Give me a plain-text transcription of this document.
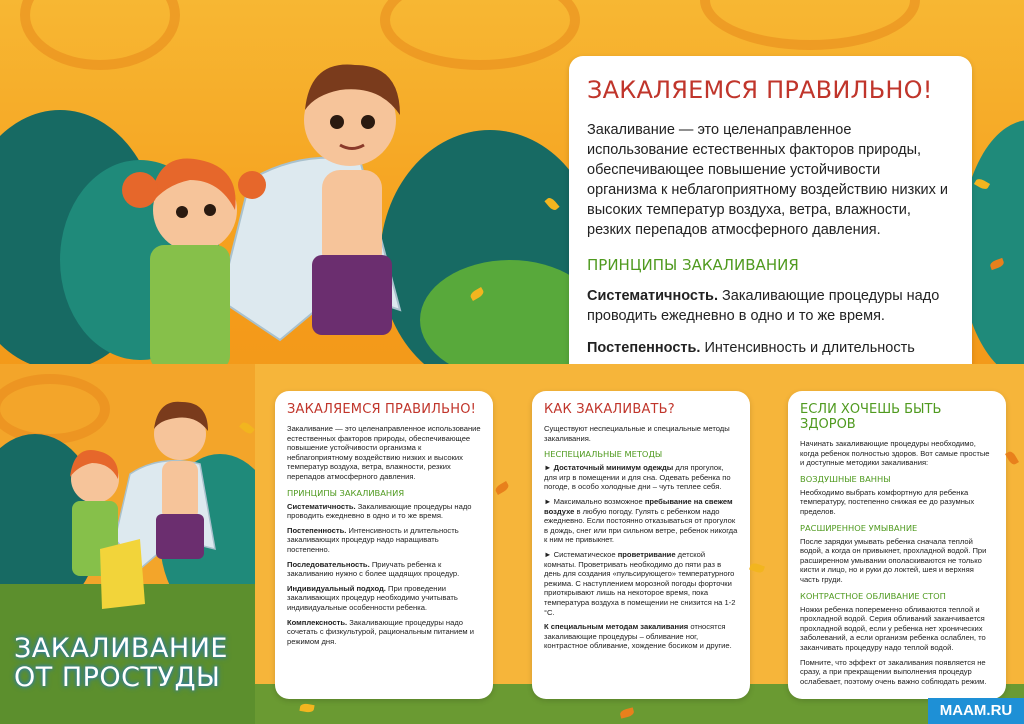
ЗАКАЛЯЕМСЯ ПРАВИЛЬНО!
Закаливание — это целенаправленное использование естественных факторов природы, обеспечивающее повышение устойчивости организма к неблагоприятному воздействию низких и высоких температур воздуха, ветра, влажности, резких перепадов атмосферного давления.
ПРИНЦИПЫ ЗАКАЛИВАНИЯ
Систематичность. Закаливающие процедуры надо проводить ежедневно в одно и то же время.
Постепенность. Интенсивность и длительность
ЗАКАЛИВАНИЕ
ОТ ПРОСТУДЫ
ЗАКАЛЯЕМСЯ ПРАВИЛЬНО!

Закаливание — это целенаправленное использование естественных факторов природы, обеспечивающее повышение устойчивости организма к неблагоприятному воздействию низких и высоких температур воздуха, ветра, влажности, резких перепадов атмосферного давления.

ПРИНЦИПЫ ЗАКАЛИВАНИЯ

Систематичность. Закаливающие процедуры надо проводить ежедневно в одно и то же время.

Постепенность. Интенсивность и длительность закаливающих процедур надо наращивать постепенно.

Последовательность. Приучать ребенка к закаливанию нужно с более щадящих процедур.

Индивидуальный подход. При проведении закаливающих процедур необходимо учитывать индивидуальные особенности ребенка.

Комплексность. Закаливающие процедуры надо сочетать с физкультурой, рациональным питанием и режимом дня.

КАК ЗАКАЛИВАТЬ?

Существуют неспециальные и специальные методы закаливания.

НЕСПЕЦИАЛЬНЫЕ МЕТОДЫ

► Достаточный минимум одежды для прогулок, для игр в помещении и для сна. Одевать ребенка по погоде, в особо холодные дни – чуть теплее себя.

► Максимально возможное пребывание на свежем воздухе в любую погоду. Гулять с ребенком надо ежедневно. Если постоянно отказываться от прогулок в дождь, снег или при сильном ветре, ребенок никогда к ним не привыкнет.

► Систематическое проветривание детской комнаты. Проветривать необходимо до пяти раз в день для создания «пульсирующего» температурного режима. С наступлением морозной погоды форточки приоткрывают лишь на некоторое время, пока температура воздуха в помещении не снизится на 1-2 °С.

К специальным методам закаливания относятся закаливающие процедуры – обливание ног, контрастное обливание, хождение босиком и другие.

ЕСЛИ ХОЧЕШЬ БЫТЬ ЗДОРОВ

Начинать закаливающие процедуры необходимо, когда ребенок полностью здоров. Вот самые простые и доступные методики закаливания:

ВОЗДУШНЫЕ ВАННЫ

Необходимо выбрать комфортную для ребенка температуру, постепенно снижая ее до разумных пределов.

РАСШИРЕННОЕ УМЫВАНИЕ

После зарядки умывать ребенка сначала теплой водой, а когда он привыкнет, прохладной водой. При расширенном умывании ополаскиваются не только кисти и лицо, но и руки до локтей, шея и верхняя часть груди.

КОНТРАСТНОЕ ОБЛИВАНИЕ СТОП

Ножки ребенка попеременно обливаются теплой и прохладной водой. Серия обливаний заканчивается прохладной водой, если у ребенка нет хронических заболеваний, а если организм ребенка ослаблен, то заканчивать процедуру надо теплой водой.

Помните, что эффект от закаливания появляется не сразу, а при прекращении выполнения процедур ослабевает, поэтому очень важно соблюдать режим.

MAAM.RU
